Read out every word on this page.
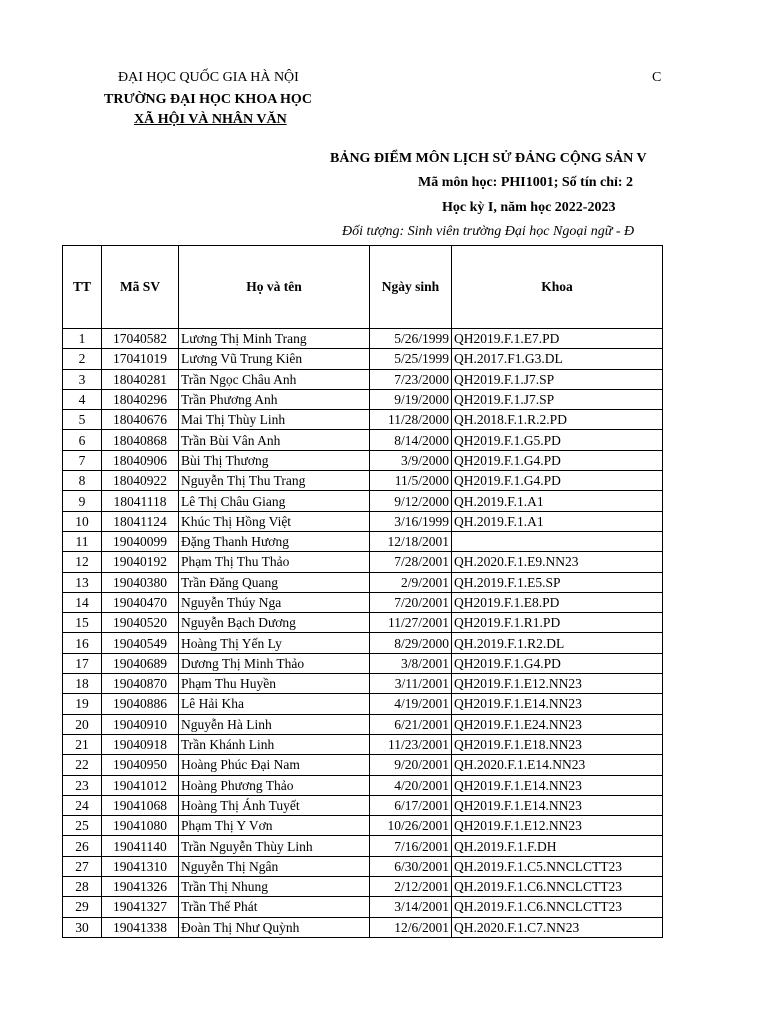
ĐẠI HỌC QUỐC GIA HÀ NỘI
TRƯỜNG ĐẠI HỌC KHOA HỌC
XÃ HỘI VÀ NHÂN VĂN
BẢNG ĐIỂM MÔN LỊCH SỬ ĐẢNG CỘNG SẢN V
Mã môn học: PHI1001; Số tín chỉ: 2
Học kỳ I, năm học 2022-2023
Đối tượng: Sinh viên trường Đại học Ngoại ngữ - Đ
TT	Mã SV	Họ và tên	Ngày sinh	Khoa
1	17040582	Lương Thị Minh Trang	5/26/1999	QH2019.F.1.E7.PD
2	17041019	Lương Vũ Trung Kiên	5/25/1999	QH.2017.F1.G3.DL
3	18040281	Trần Ngọc Châu Anh	7/23/2000	QH2019.F.1.J7.SP
4	18040296	Trần Phương Anh	9/19/2000	QH2019.F.1.J7.SP
5	18040676	Mai Thị Thùy Linh	11/28/2000	QH.2018.F.1.R.2.PD
6	18040868	Trần Bùi Vân Anh	8/14/2000	QH2019.F.1.G5.PD
7	18040906	Bùi Thị Thương	3/9/2000	QH2019.F.1.G4.PD
8	18040922	Nguyễn Thị Thu Trang	11/5/2000	QH2019.F.1.G4.PD
9	18041118	Lê Thị Châu Giang	9/12/2000	QH.2019.F.1.A1
10	18041124	Khúc Thị Hồng Việt	3/16/1999	QH.2019.F.1.A1
11	19040099	Đặng Thanh Hương	12/18/2001	
12	19040192	Phạm Thị Thu Thảo	7/28/2001	QH.2020.F.1.E9.NN23
13	19040380	Trần Đăng Quang	2/9/2001	QH.2019.F.1.E5.SP
14	19040470	Nguyễn Thúy Nga	7/20/2001	QH2019.F.1.E8.PD
15	19040520	Nguyễn Bạch Dương	11/27/2001	QH2019.F.1.R1.PD
16	19040549	Hoàng Thị Yến Ly	8/29/2000	QH.2019.F.1.R2.DL
17	19040689	Dương Thị Minh Thảo	3/8/2001	QH2019.F.1.G4.PD
18	19040870	Phạm Thu Huyền	3/11/2001	QH2019.F.1.E12.NN23
19	19040886	Lê Hải Kha	4/19/2001	QH2019.F.1.E14.NN23
20	19040910	Nguyễn Hà Linh	6/21/2001	QH2019.F.1.E24.NN23
21	19040918	Trần Khánh Linh	11/23/2001	QH2019.F.1.E18.NN23
22	19040950	Hoàng Phúc Đại Nam	9/20/2001	QH.2020.F.1.E14.NN23
23	19041012	Hoàng Phương Thảo	4/20/2001	QH2019.F.1.E14.NN23
24	19041068	Hoàng Thị Ánh Tuyết	6/17/2001	QH2019.F.1.E14.NN23
25	19041080	Phạm Thị Y Vơn	10/26/2001	QH2019.F.1.E12.NN23
26	19041140	Trần Nguyễn Thùy Linh	7/16/2001	QH.2019.F.1.F.DH
27	19041310	Nguyễn Thị Ngân	6/30/2001	QH.2019.F.1.C5.NNCLCTT23
28	19041326	Trần Thị Nhung	2/12/2001	QH.2019.F.1.C6.NNCLCTT23
29	19041327	Trần Thế Phát	3/14/2001	QH.2019.F.1.C6.NNCLCTT23
30	19041338	Đoàn Thị Như Quỳnh	12/6/2001	QH.2020.F.1.C7.NN23
C
